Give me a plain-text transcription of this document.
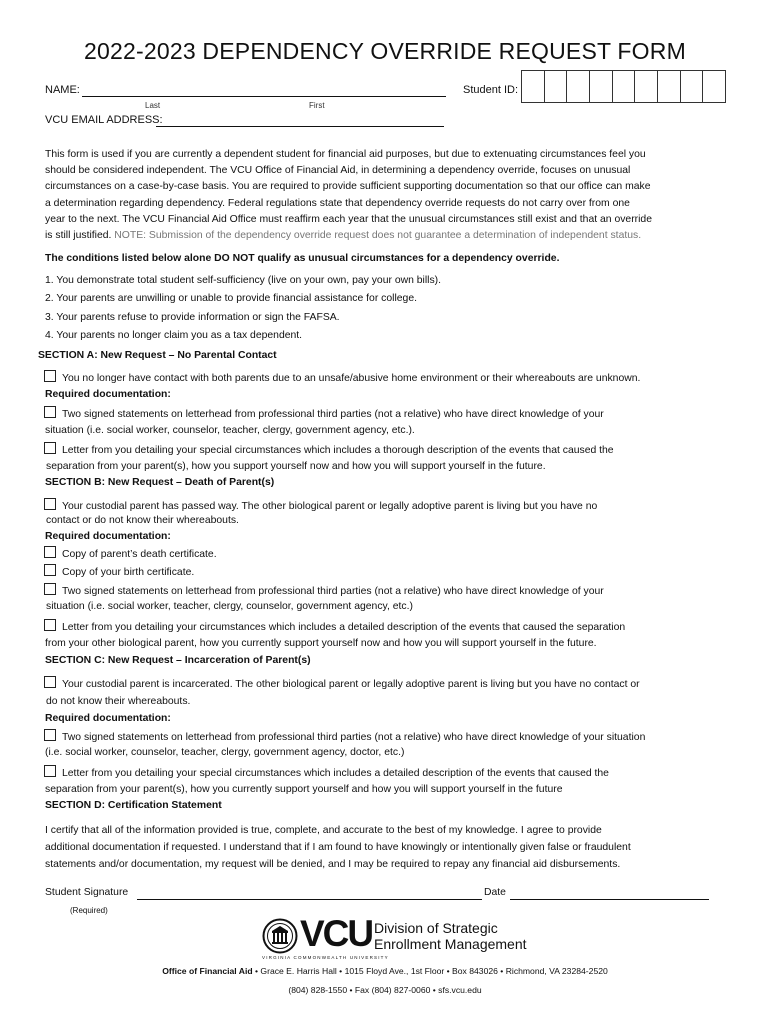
2022-2023 DEPENDENCY OVERRIDE REQUEST FORM
NAME:
Last	First
Student ID:
VCU EMAIL ADDRESS:
This form is used if you are currently a dependent student for financial aid purposes, but due to extenuating circumstances feel you
should be considered independent. The VCU Office of Financial Aid, in determining a dependency override, focuses on unusual
circumstances on a case-by-case basis. You are required to provide sufficient supporting documentation so that our office can make
a determination regarding dependency. Federal regulations state that dependency override requests do not carry over from one
year to the next. The VCU Financial Aid Office must reaffirm each year that the unusual circumstances still exist and that an override
is still justified. NOTE: Submission of the dependency override request does not guarantee a determination of independent status.
The conditions listed below alone DO NOT qualify as unusual circumstances for a dependency override.
1. You demonstrate total student self-sufficiency (live on your own, pay your own bills).
2. Your parents are unwilling or unable to provide financial assistance for college.
3. Your parents refuse to provide information or sign the FAFSA.
4. Your parents no longer claim you as a tax dependent.
SECTION A: New Request – No Parental Contact
You no longer have contact with both parents due to an unsafe/abusive home environment or their whereabouts are unknown.
Required documentation:
Two signed statements on letterhead from professional third parties (not a relative) who have direct knowledge of your
situation (i.e. social worker, counselor, teacher, clergy, government agency, etc.).
Letter from you detailing your special circumstances which includes a thorough description of the events that caused the
separation from your parent(s), how you support yourself now and how you will support yourself in the future.
SECTION B: New Request – Death of Parent(s)
Your custodial parent has passed way. The other biological parent or legally adoptive parent is living but you have no
contact or do not know their whereabouts.
Required documentation:
Copy of parent’s death certificate.
Copy of your birth certificate.
Two signed statements on letterhead from professional third parties (not a relative) who have direct knowledge of your
situation (i.e. social worker, teacher, clergy, counselor, government agency, etc.)
Letter from you detailing your circumstances which includes a detailed description of the events that caused the separation
from your other biological parent, how you currently support yourself now and how you will support yourself in the future.
SECTION C: New Request – Incarceration of Parent(s)
Your custodial parent is incarcerated. The other biological parent or legally adoptive parent is living but you have no contact or
do not know their whereabouts.
Required documentation:
Two signed statements on letterhead from professional third parties (not a relative) who have direct knowledge of your situation
(i.e. social worker, counselor, teacher, clergy, government agency, doctor, etc.)
Letter from you detailing your special circumstances which includes a detailed description of the events that caused the
separation from your parent(s), how you currently support yourself and how you will support yourself in the future
SECTION D: Certification Statement
I certify that all of the information provided is true, complete, and accurate to the best of my knowledge. I agree to provide
additional documentation if requested. I understand that if I am found to have knowingly or intentionally given false or fraudulent
statements and/or documentation, my request will be denied, and I may be required to repay any financial aid disbursements.
Student Signature	Date
(Required)
VCU Division of Strategic
Enrollment Management
VIRGINIA COMMONWEALTH UNIVERSITY
Office of Financial Aid • Grace E. Harris Hall • 1015 Floyd Ave., 1st Floor • Box 843026 • Richmond, VA 23284-2520
(804) 828-1550 • Fax (804) 827-0060 • sfs.vcu.edu
